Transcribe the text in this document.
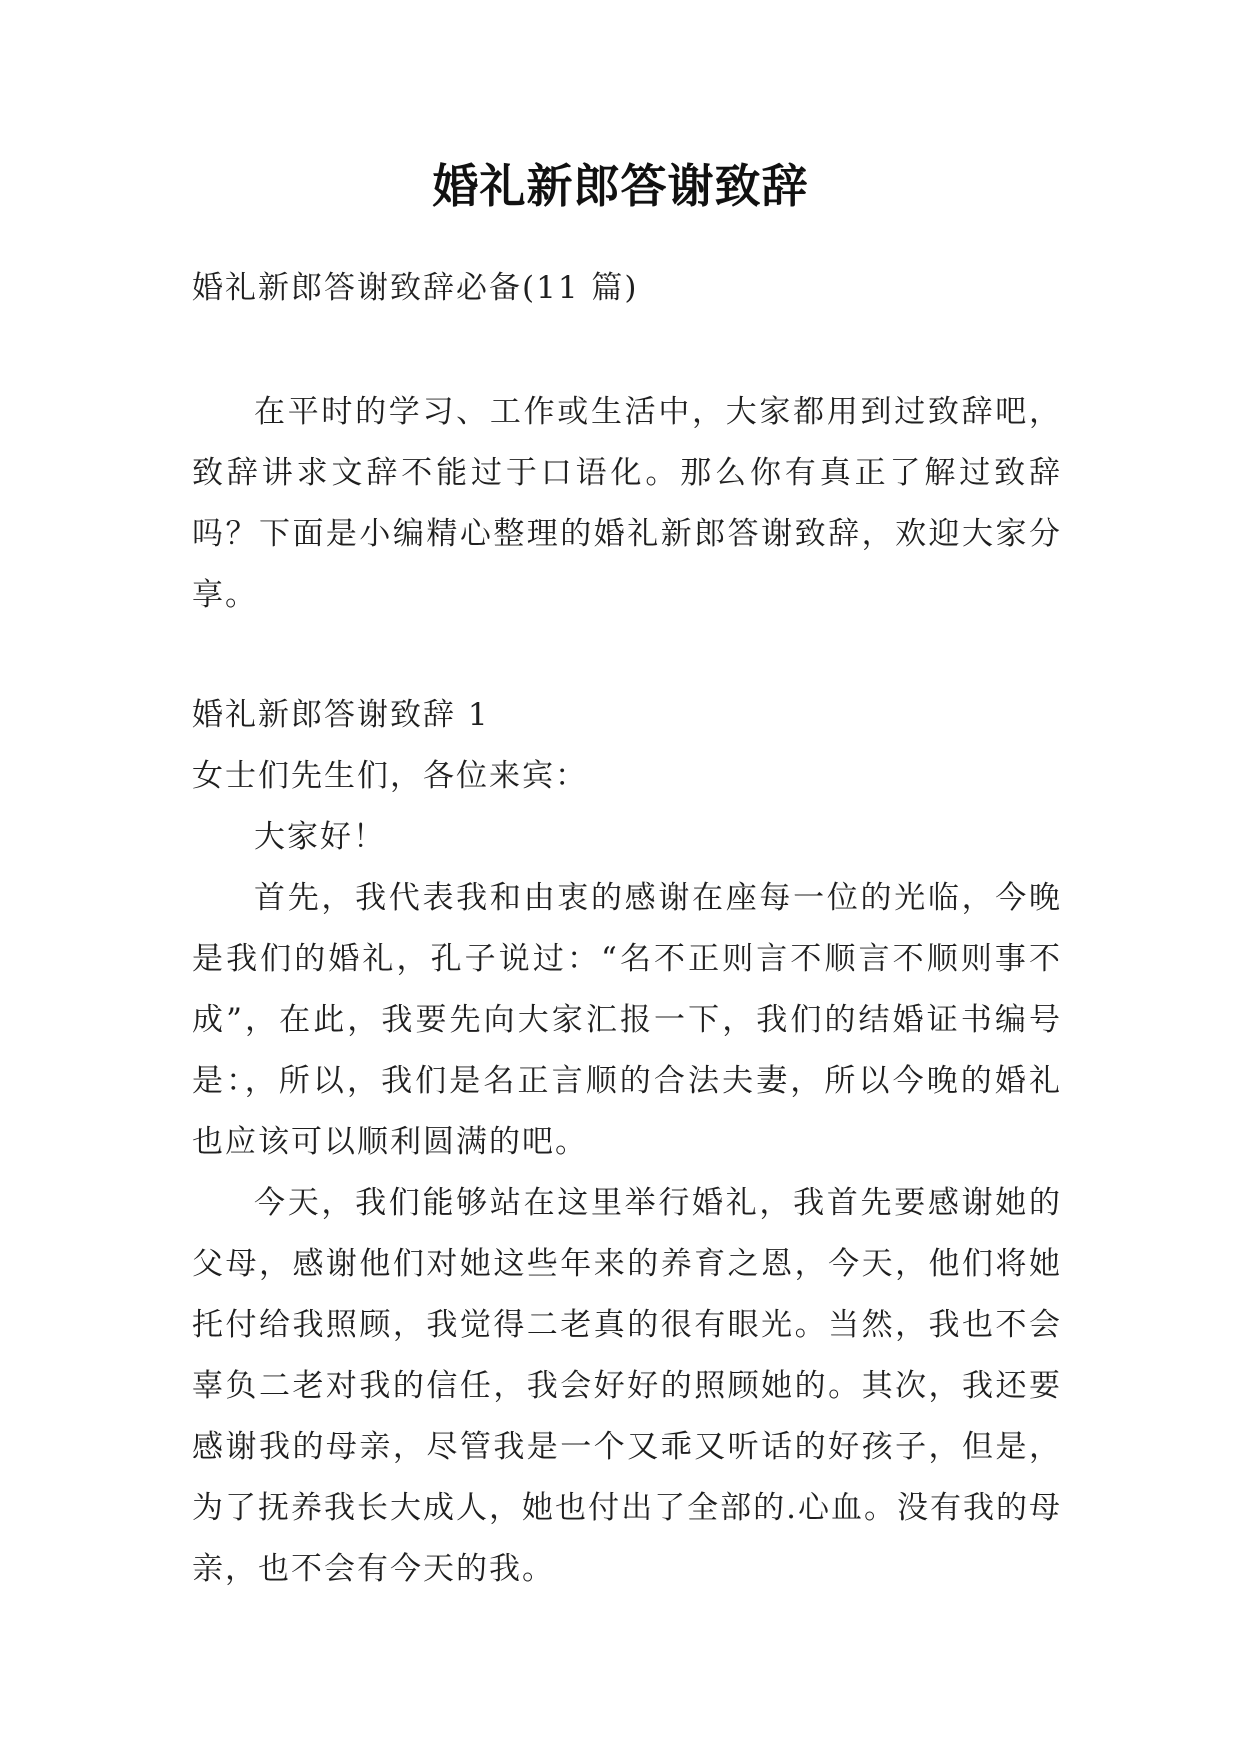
婚礼新郎答谢致辞

婚礼新郎答谢致辞必备(11 篇)

在平时的学习、工作或生活中，大家都用到过致辞吧，致辞讲求文辞不能过于口语化。那么你有真正了解过致辞吗？下面是小编精心整理的婚礼新郎答谢致辞，欢迎大家分享。

婚礼新郎答谢致辞 1

女士们先生们，各位来宾：

大家好！

首先，我代表我和由衷的感谢在座每一位的光临，今晚是我们的婚礼，孔子说过：“名不正则言不顺言不顺则事不成”，在此，我要先向大家汇报一下，我们的结婚证书编号是：，所以，我们是名正言顺的合法夫妻，所以今晚的婚礼也应该可以顺利圆满的吧。

今天，我们能够站在这里举行婚礼，我首先要感谢她的父母，感谢他们对她这些年来的养育之恩，今天，他们将她托付给我照顾，我觉得二老真的很有眼光。当然，我也不会辜负二老对我的信任，我会好好的照顾她的。其次，我还要感谢我的母亲，尽管我是一个又乖又听话的好孩子，但是，为了抚养我长大成人，她也付出了全部的.心血。没有我的母亲，也不会有今天的我。
